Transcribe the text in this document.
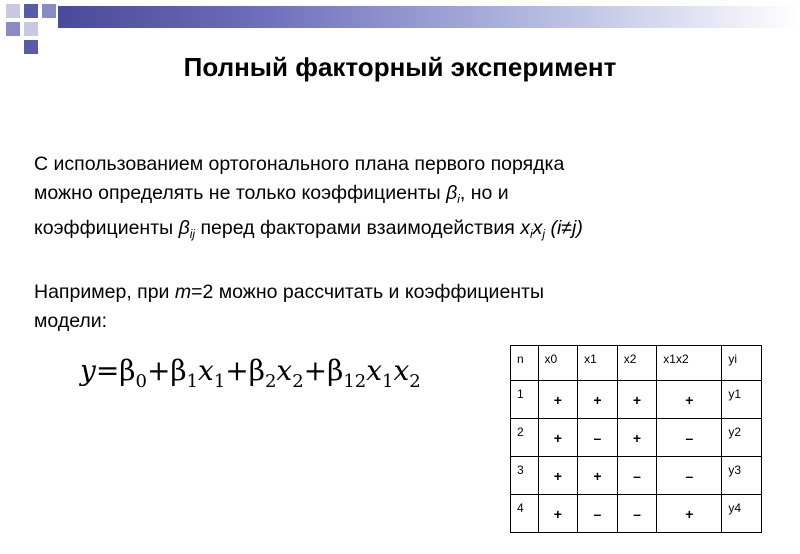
Полный факторный эксперимент
С использованием ортогонального плана первого порядка
можно определять не только коэффициенты $\beta_i$, но и
коэффициенты $\beta_{ij}$ перед факторами взаимодействия $x_ix_j$ (i≠j)
Например, при m=2 можно рассчитать и коэффициенты
модели:
y=β0+β1x1+β2x2+β12x1x2
n	x0	x1	x2	x1x2	yi
1	+	+	+	+	y1
2	+	–	+	–	y2
3	+	+	–	–	y3
4	+	–	–	+	y4
